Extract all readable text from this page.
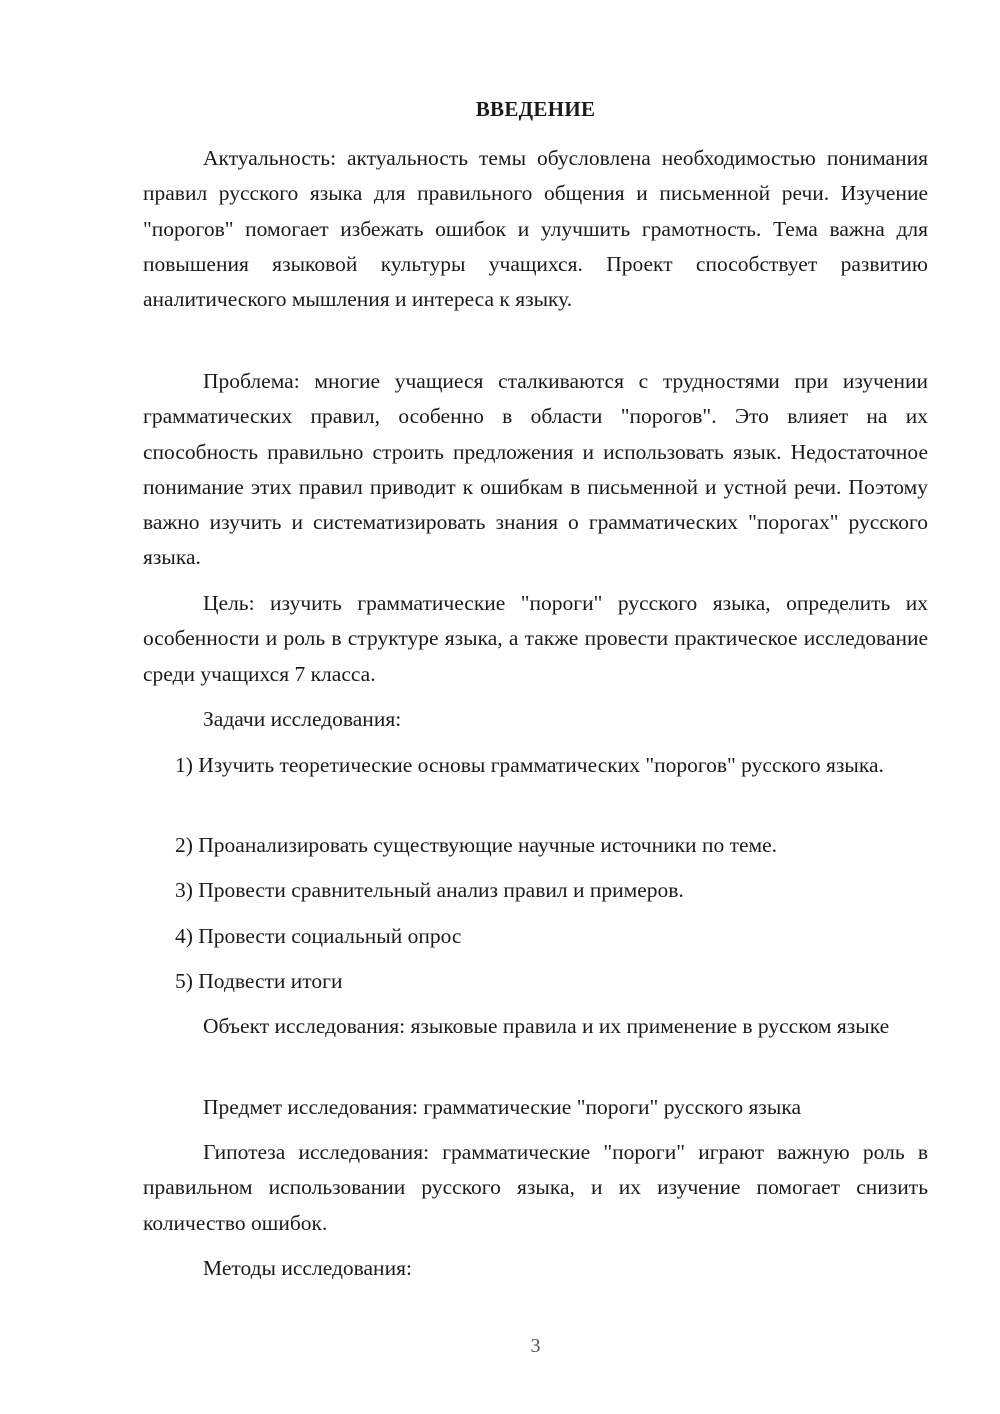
ВВЕДЕНИЕ

Актуальность: актуальность темы обусловлена необходимостью понимания правил русского языка для правильного общения и письменной речи. Изучение "порогов" помогает избежать ошибок и улучшить грамотность. Тема важна для повышения языковой культуры учащихся. Проект способствует развитию аналитического мышления и интереса к языку.

Проблема: многие учащиеся сталкиваются с трудностями при изучении грамматических правил, особенно в области "порогов". Это влияет на их способность правильно строить предложения и использовать язык. Недостаточное понимание этих правил приводит к ошибкам в письменной и устной речи. Поэтому важно изучить и систематизировать знания о грамматических "порогах" русского языка.

Цель: изучить грамматические "пороги" русского языка, определить их особенности и роль в структуре языка, а также провести практическое исследование среди учащихся 7 класса.

Задачи исследования:

1) Изучить теоретические основы грамматических "порогов" русского языка.

2) Проанализировать существующие научные источники по теме.

3) Провести сравнительный анализ правил и примеров.

4) Провести социальный опрос

5) Подвести итоги

Объект исследования: языковые правила и их применение в русском языке

Предмет исследования: грамматические "пороги" русского языка

Гипотеза исследования: грамматические "пороги" играют важную роль в правильном использовании русского языка, и их изучение помогает снизить количество ошибок.

Методы исследования:

3
